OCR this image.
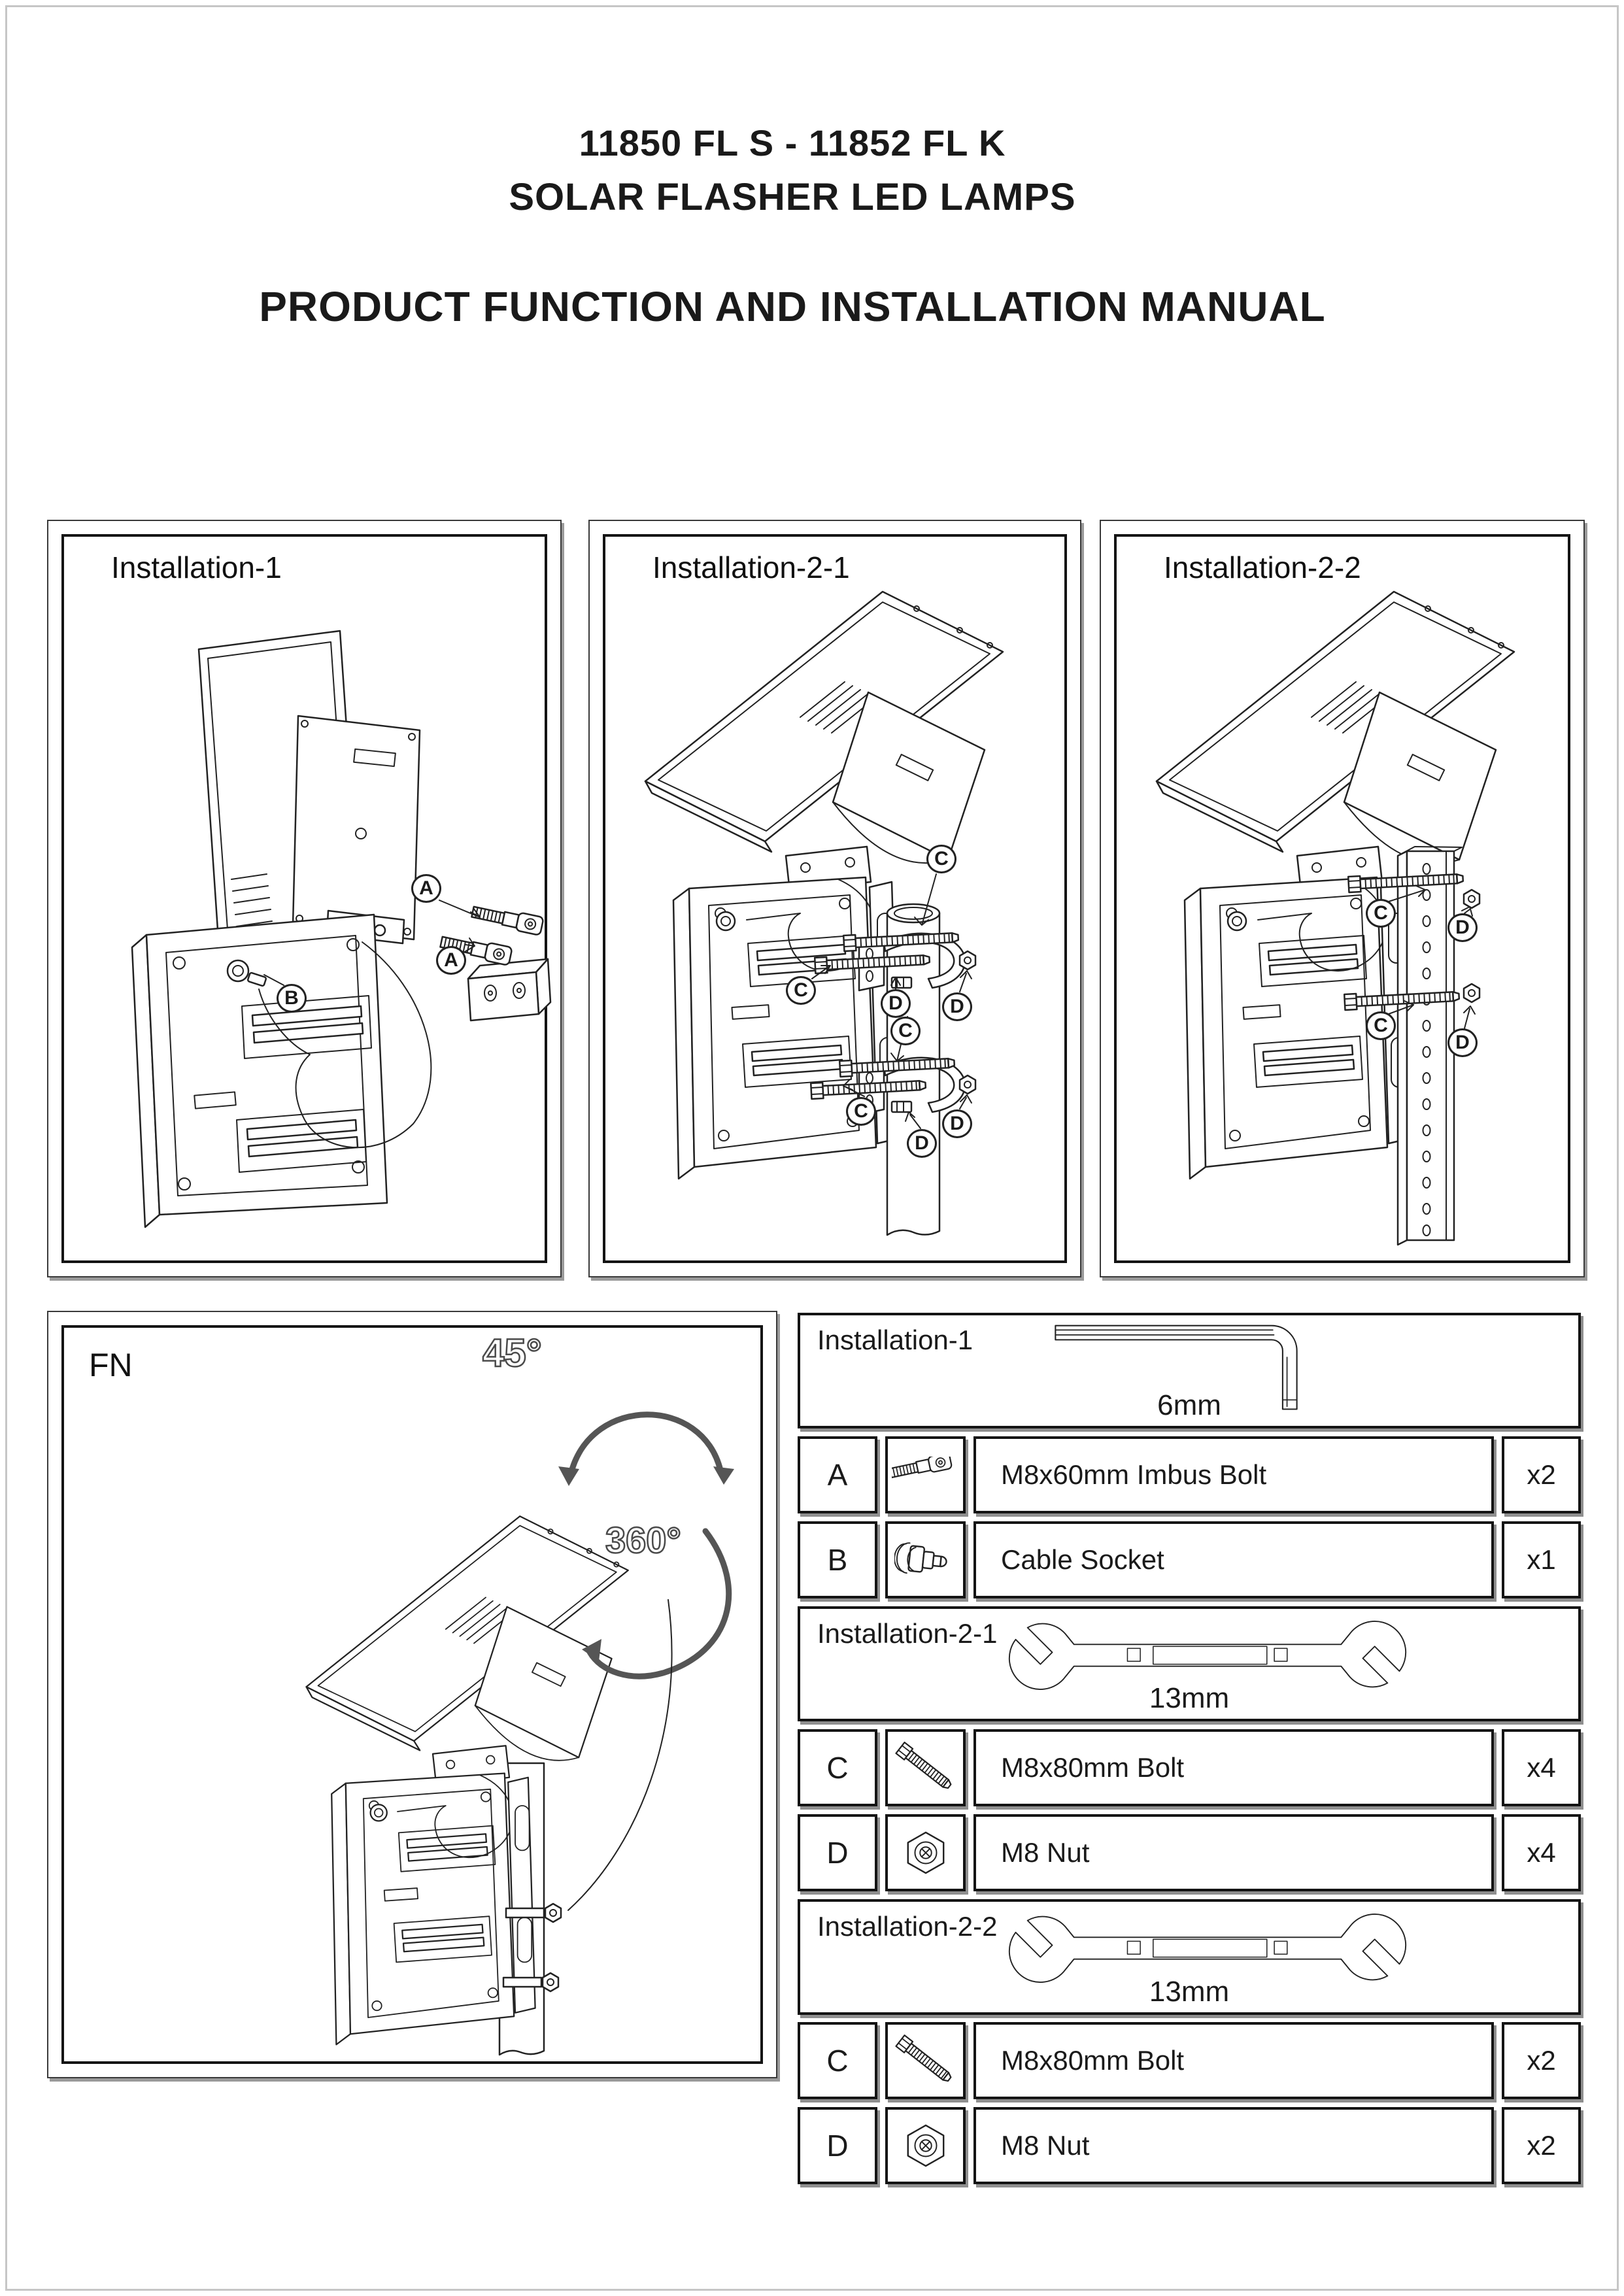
11850 FL S - 11852 FL K
SOLAR FLASHER LED LAMPS
PRODUCT FUNCTION AND INSTALLATION MANUAL
Installation-1
A
A
B
Installation-2-1
C
C
C
C
D	D
D
D
Installation-2-2
C
C
D
D
FN	45°
360°
Installation-1
6mm
A	M8x60mm Imbus Bolt	x2
B	Cable Socket	x1
Installation-2-1
13mm
C	M8x80mm Bolt	x4
D	M8 Nut	x4
Installation-2-2
13mm
C	M8x80mm Bolt	x2
D	M8 Nut	x2
